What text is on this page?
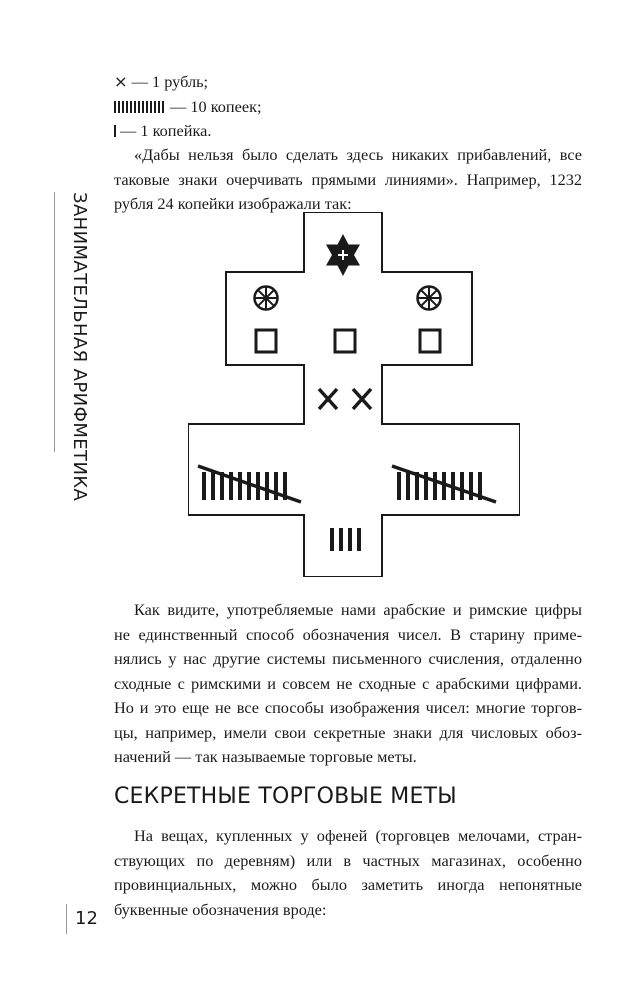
ЗАНИМАТЕЛЬНАЯ АРИФМЕТИКА
× — 1 рубль;
— 10 копеек;
— 1 копейка.
«Дабы нельзя было сделать здесь никаких прибавлений, все
таковые знаки очерчивать прямыми линиями». Например, 1232
рубля 24 копейки изображали так:
Как видите, употребляемые нами арабские и римские цифры
не единственный способ обозначения чисел. В старину приме-
нялись у нас другие системы письменного счисления, отдаленно
сходные с римскими и совсем не сходные с арабскими цифрами.
Но и это еще не все способы изображения чисел: многие торгов-
цы, например, имели свои секретные знаки для числовых обоз-
начений — так называемые торговые меты.
СЕКРЕТНЫЕ ТОРГОВЫЕ МЕТЫ
На вещах, купленных у офеней (торговцев мелочами, стран-
ствующих по деревням) или в частных магазинах, особенно
провинциальных, можно было заметить иногда непонятные
буквенные обозначения вроде:
12
